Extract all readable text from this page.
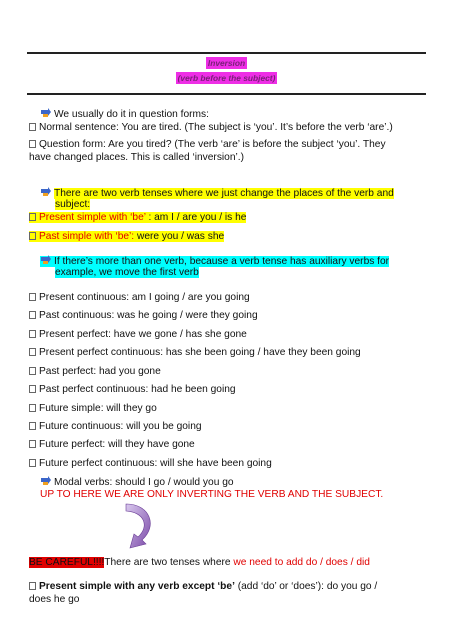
Inversion
(verb before the subject)
We usually do it in question forms:
Normal sentence: You are tired. (The subject is ‘you’. It’s before the verb ‘are’.)
Question form: Are you tired? (The verb ‘are’ is before the subject ‘you’. They
have changed places. This is called ‘inversion’.)
There are two verb tenses where we just change the places of the verb and
subject:
Present simple with ‘be’ : am I / are you / is he
Past simple with ‘be’: were you / was she
If there’s more than one verb, because a verb tense has auxiliary verbs for
example, we move the first verb
Present continuous: am I going / are you going
Past continuous: was he going / were they going
Present perfect: have we gone / has she gone
Present perfect continuous: has she been going / have they been going
Past perfect: had you gone
Past perfect continuous: had he been going
Future simple: will they go
Future continuous: will you be going
Future perfect: will they have gone
Future perfect continuous: will she have been going
Modal verbs: should I go / would you go
UP TO HERE WE ARE ONLY INVERTING THE VERB AND THE SUBJECT.
BE CAREFUL!!!!There are two tenses where we need to add do / does / did
Present simple with any verb except ‘be’ (add ‘do’ or ‘does’): do you go /
does he go
